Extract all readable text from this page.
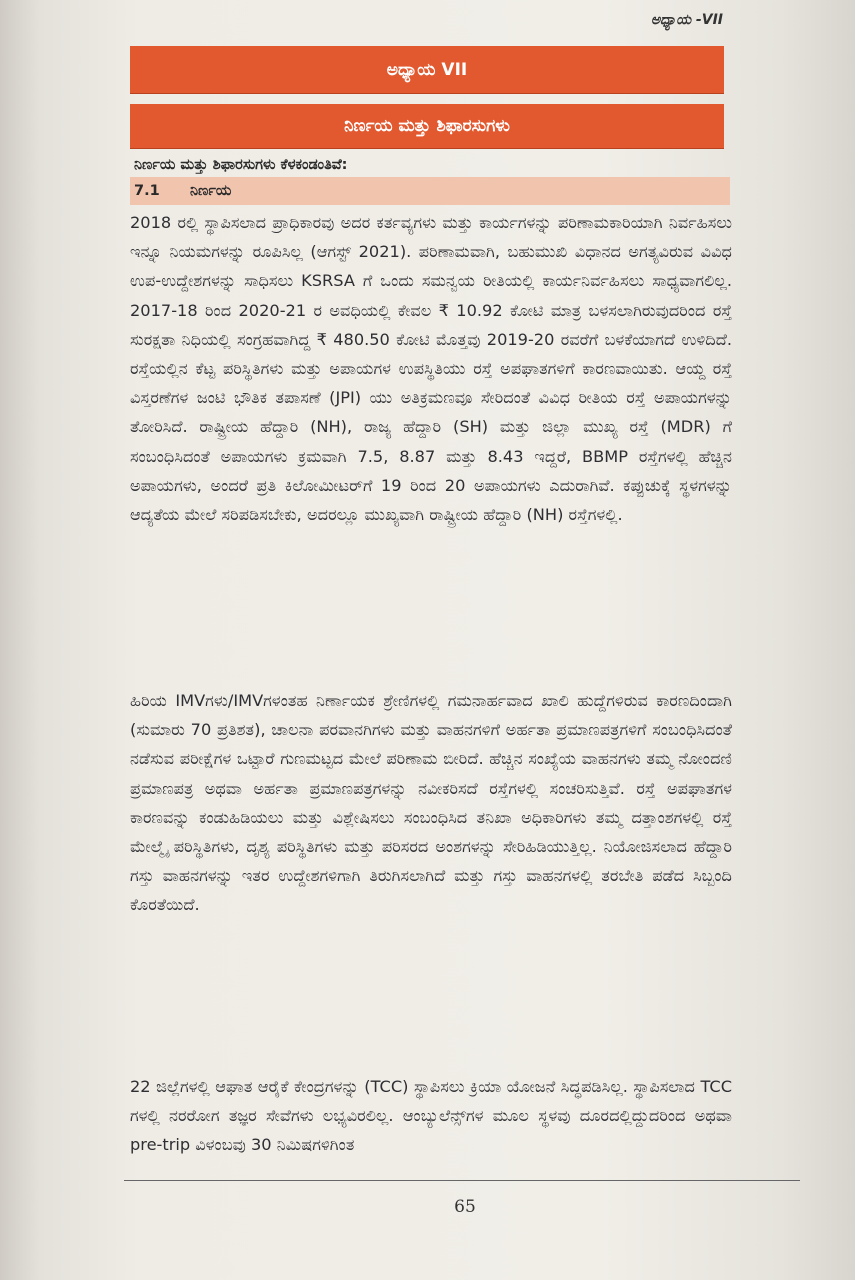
ಅಧ್ಯಾಯ -VII
ಅಧ್ಯಾಯ VII
ನಿರ್ಣಯ ಮತ್ತು ಶಿಫಾರಸುಗಳು
ನಿರ್ಣಯ ಮತ್ತು ಶಿಫಾರಸುಗಳು ಕೆಳಕಂಡಂತಿವೆ:
7.1	ನಿರ್ಣಯ
2018 ರಲ್ಲಿ ಸ್ಥಾಪಿಸಲಾದ ಪ್ರಾಧಿಕಾರವು ಅದರ ಕರ್ತವ್ಯಗಳು ಮತ್ತು ಕಾರ್ಯಗಳನ್ನು ಪರಿಣಾಮಕಾರಿಯಾಗಿ ನಿರ್ವಹಿಸಲು ಇನ್ನೂ ನಿಯಮಗಳನ್ನು ರೂಪಿಸಿಲ್ಲ (ಆಗಸ್ಟ್ 2021). ಪರಿಣಾಮವಾಗಿ, ಬಹುಮುಖಿ ವಿಧಾನದ ಅಗತ್ಯವಿರುವ ವಿವಿಧ ಉಪ-ಉದ್ದೇಶಗಳನ್ನು ಸಾಧಿಸಲು KSRSA ಗೆ ಒಂದು ಸಮನ್ವಯ ರೀತಿಯಲ್ಲಿ ಕಾರ್ಯನಿರ್ವಹಿಸಲು ಸಾಧ್ಯವಾಗಲಿಲ್ಲ. 2017-18 ರಿಂದ 2020-21 ರ ಅವಧಿಯಲ್ಲಿ ಕೇವಲ ₹ 10.92 ಕೋಟಿ ಮಾತ್ರ ಬಳಸಲಾಗಿರುವುದರಿಂದ ರಸ್ತೆ ಸುರಕ್ಷತಾ ನಿಧಿಯಲ್ಲಿ ಸಂಗ್ರಹವಾಗಿದ್ದ ₹ 480.50 ಕೋಟಿ ಮೊತ್ತವು 2019-20 ರವರೆಗೆ ಬಳಕೆಯಾಗದೆ ಉಳಿದಿದೆ. ರಸ್ತೆಯಲ್ಲಿನ ಕೆಟ್ಟ ಪರಿಸ್ಥಿತಿಗಳು ಮತ್ತು ಅಪಾಯಗಳ ಉಪಸ್ಥಿತಿಯು ರಸ್ತೆ ಅಪಘಾತಗಳಿಗೆ ಕಾರಣವಾಯಿತು. ಆಯ್ದ ರಸ್ತೆ ವಿಸ್ತರಣೆಗಳ ಜಂಟಿ ಭೌತಿಕ ತಪಾಸಣೆ (JPI) ಯು ಅತಿಕ್ರಮಣವೂ ಸೇರಿದಂತೆ ವಿವಿಧ ರೀತಿಯ ರಸ್ತೆ ಅಪಾಯಗಳನ್ನು ತೋರಿಸಿದೆ. ರಾಷ್ಟ್ರೀಯ ಹೆದ್ದಾರಿ (NH), ರಾಜ್ಯ ಹೆದ್ದಾರಿ (SH) ಮತ್ತು ಜಿಲ್ಲಾ ಮುಖ್ಯ ರಸ್ತೆ (MDR) ಗೆ ಸಂಬಂಧಿಸಿದಂತೆ ಅಪಾಯಗಳು ಕ್ರಮವಾಗಿ 7.5, 8.87 ಮತ್ತು 8.43 ಇದ್ದರೆ, BBMP ರಸ್ತೆಗಳಲ್ಲಿ ಹೆಚ್ಚಿನ ಅಪಾಯಗಳು, ಅಂದರೆ ಪ್ರತಿ ಕಿಲೋಮೀಟರ್‌ಗೆ 19 ರಿಂದ 20 ಅಪಾಯಗಳು ಎದುರಾಗಿವೆ. ಕಪ್ಪುಚುಕ್ಕೆ ಸ್ಥಳಗಳನ್ನು ಆದ್ಯತೆಯ ಮೇಲೆ ಸರಿಪಡಿಸಬೇಕು, ಅದರಲ್ಲೂ ಮುಖ್ಯವಾಗಿ ರಾಷ್ಟ್ರೀಯ ಹೆದ್ದಾರಿ (NH) ರಸ್ತೆಗಳಲ್ಲಿ.
ಹಿರಿಯ IMVಗಳು/IMVಗಳಂತಹ ನಿರ್ಣಾಯಕ ಶ್ರೇಣಿಗಳಲ್ಲಿ ಗಮನಾರ್ಹವಾದ ಖಾಲಿ ಹುದ್ದೆಗಳಿರುವ ಕಾರಣದಿಂದಾಗಿ (ಸುಮಾರು 70 ಪ್ರತಿಶತ), ಚಾಲನಾ ಪರವಾನಗಿಗಳು ಮತ್ತು ವಾಹನಗಳಿಗೆ ಅರ್ಹತಾ ಪ್ರಮಾಣಪತ್ರಗಳಿಗೆ ಸಂಬಂಧಿಸಿದಂತೆ ನಡೆಸುವ ಪರೀಕ್ಷೆಗಳ ಒಟ್ಟಾರೆ ಗುಣಮಟ್ಟದ ಮೇಲೆ ಪರಿಣಾಮ ಬೀರಿದೆ. ಹೆಚ್ಚಿನ ಸಂಖ್ಯೆಯ ವಾಹನಗಳು ತಮ್ಮ ನೋಂದಣಿ ಪ್ರಮಾಣಪತ್ರ ಅಥವಾ ಅರ್ಹತಾ ಪ್ರಮಾಣಪತ್ರಗಳನ್ನು ನವೀಕರಿಸದೆ ರಸ್ತೆಗಳಲ್ಲಿ ಸಂಚರಿಸುತ್ತಿವೆ. ರಸ್ತೆ ಅಪಘಾತಗಳ ಕಾರಣವನ್ನು ಕಂಡುಹಿಡಿಯಲು ಮತ್ತು ವಿಶ್ಲೇಷಿಸಲು ಸಂಬಂಧಿಸಿದ ತನಿಖಾ ಅಧಿಕಾರಿಗಳು ತಮ್ಮ ದತ್ತಾಂಶಗಳಲ್ಲಿ ರಸ್ತೆ ಮೇಲ್ಮೈ ಪರಿಸ್ಥಿತಿಗಳು, ದೃಶ್ಯ ಪರಿಸ್ಥಿತಿಗಳು ಮತ್ತು ಪರಿಸರದ ಅಂಶಗಳನ್ನು ಸೇರಿಹಿಡಿಯುತ್ತಿಲ್ಲ. ನಿಯೋಜಿಸಲಾದ ಹೆದ್ದಾರಿ ಗಸ್ತು ವಾಹನಗಳನ್ನು ಇತರ ಉದ್ದೇಶಗಳಿಗಾಗಿ ತಿರುಗಿಸಲಾಗಿದೆ ಮತ್ತು ಗಸ್ತು ವಾಹನಗಳಲ್ಲಿ ತರಬೇತಿ ಪಡೆದ ಸಿಬ್ಬಂದಿ ಕೊರತೆಯಿದೆ.
22 ಜಿಲ್ಲೆಗಳಲ್ಲಿ ಆಘಾತ ಆರೈಕೆ ಕೇಂದ್ರಗಳನ್ನು (TCC) ಸ್ಥಾಪಿಸಲು ಕ್ರಿಯಾ ಯೋಜನೆ ಸಿದ್ಧಪಡಿಸಿಲ್ಲ. ಸ್ಥಾಪಿಸಲಾದ TCC ಗಳಲ್ಲಿ ನರರೋಗ ತಜ್ಞರ ಸೇವೆಗಳು ಲಭ್ಯವಿರಲಿಲ್ಲ. ಆಂಬ್ಯುಲೆನ್ಸ್‌ಗಳ ಮೂಲ ಸ್ಥಳವು ದೂರದಲ್ಲಿದ್ದುದರಿಂದ ಅಥವಾ pre-trip ವಿಳಂಬವು 30 ನಿಮಿಷಗಳಿಗಿಂತ
65
